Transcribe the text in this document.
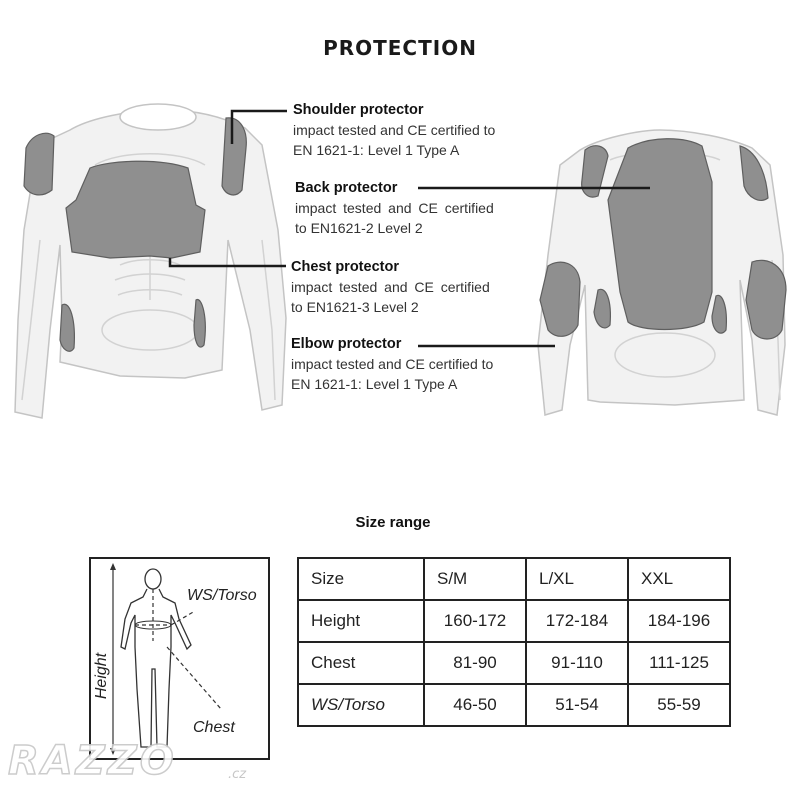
PROTECTION
Shoulder protector
impact tested and CE certified to
EN 1621-1: Level 1 Type A
Back protector
impact tested and CE certified
to EN1621-2 Level 2
Chest protector
impact tested and CE certified
to EN1621-3 Level 2
Elbow protector
impact tested and CE certified to
EN 1621-1: Level 1 Type A
Size range
WS/Torso
Chest
Height
Size	S/M	L/XL	XXL
Height	160-172	172-184	184-196
Chest	81-90	91-110	111-125
WS/Torso	46-50	51-54	55-59
RAZZO	.cz
